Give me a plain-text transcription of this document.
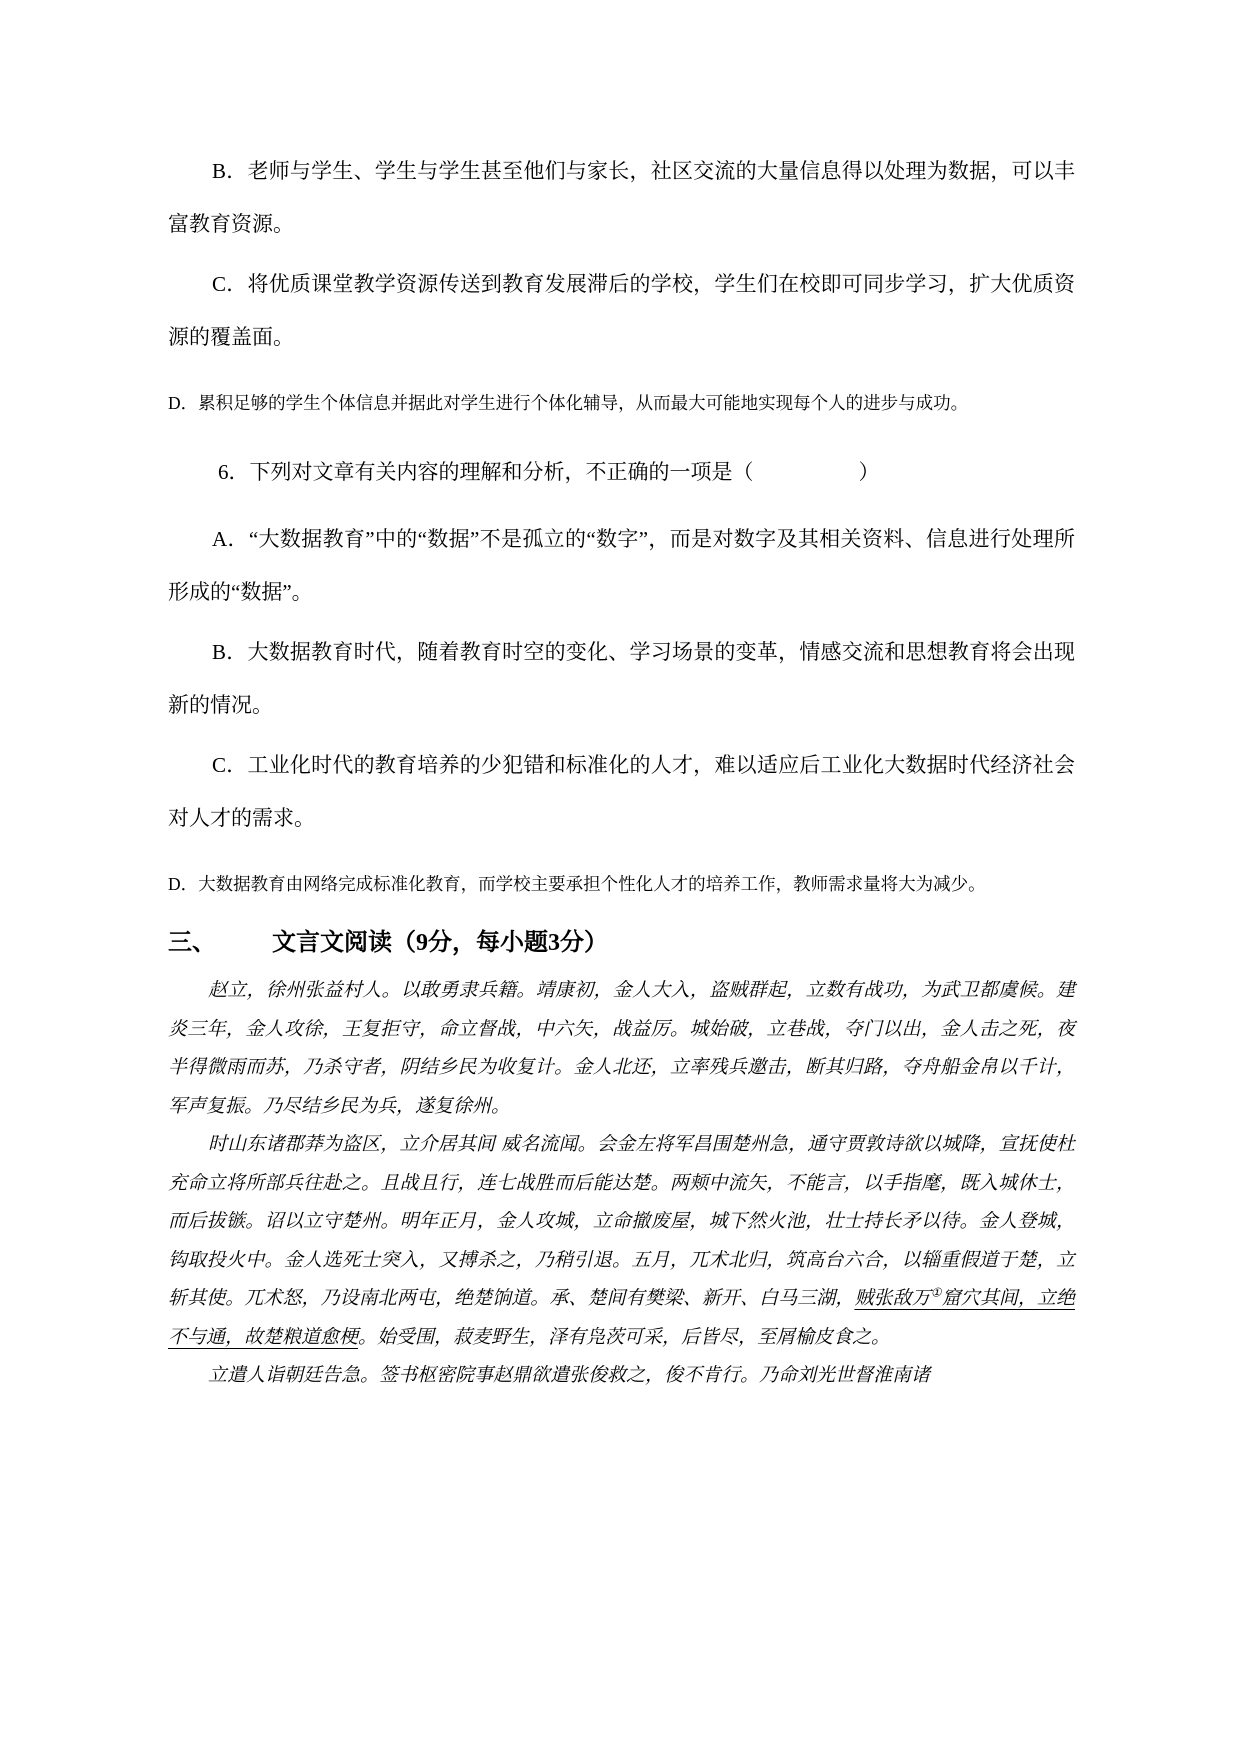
B．老师与学生、学生与学生甚至他们与家长，社区交流的大量信息得以处理为数据，可以丰富教育资源。

C．将优质课堂教学资源传送到教育发展滞后的学校，学生们在校即可同步学习，扩大优质资源的覆盖面。

D．累积足够的学生个体信息并据此对学生进行个体化辅导，从而最大可能地实现每个人的进步与成功。

6．下列对文章有关内容的理解和分析，不正确的一项是（　　　　　）

A．“大数据教育”中的“数据”不是孤立的“数字”，而是对数字及其相关资料、信息进行处理所形成的“数据”。

B．大数据教育时代，随着教育时空的变化、学习场景的变革，情感交流和思想教育将会出现新的情况。

C．工业化时代的教育培养的少犯错和标准化的人才，难以适应后工业化大数据时代经济社会对人才的需求。

D．大数据教育由网络完成标准化教育，而学校主要承担个性化人才的培养工作，教师需求量将大为减少。

三、 文言文阅读（9分，每小题3分）

赵立，徐州张益村人。以敢勇隶兵籍。靖康初，金人大入，盗贼群起，立数有战功，为武卫都虞候。建炎三年，金人攻徐，王复拒守，命立督战，中六矢，战益厉。城始破，立巷战，夺门以出，金人击之死，夜半得微雨而苏，乃杀守者，阴结乡民为收复计。金人北还，立率残兵邀击，断其归路，夺舟船金帛以千计，军声复振。乃尽结乡民为兵，遂复徐州。

时山东诸郡莽为盗区，立介居其间 威名流闻。会金左将军昌围楚州急，通守贾敦诗欲以城降，宣抚使杜充命立将所部兵往赴之。且战且行，连七战胜而后能达楚。两颊中流矢，不能言，以手指麾，既入城休士，而后拔镞。诏以立守楚州。明年正月，金人攻城，立命撤废屋，城下然火池，壮士持长矛以待。金人登城，钩取投火中。金人选死士突入，又搏杀之，乃稍引退。五月，兀术北归，筑高台六合，以辎重假道于楚，立斩其使。兀术怒，乃设南北两屯，绝楚饷道。承、楚间有樊梁、新开、白马三湖，贼张敌万①窟穴其间，立绝不与通，故楚粮道愈梗。始受围，菽麦野生，泽有凫茨可采，后皆尽，至屑榆皮食之。

立遣人诣朝廷告急。签书枢密院事赵鼎欲遣张俊救之，俊不肯行。乃命刘光世督淮南诸
